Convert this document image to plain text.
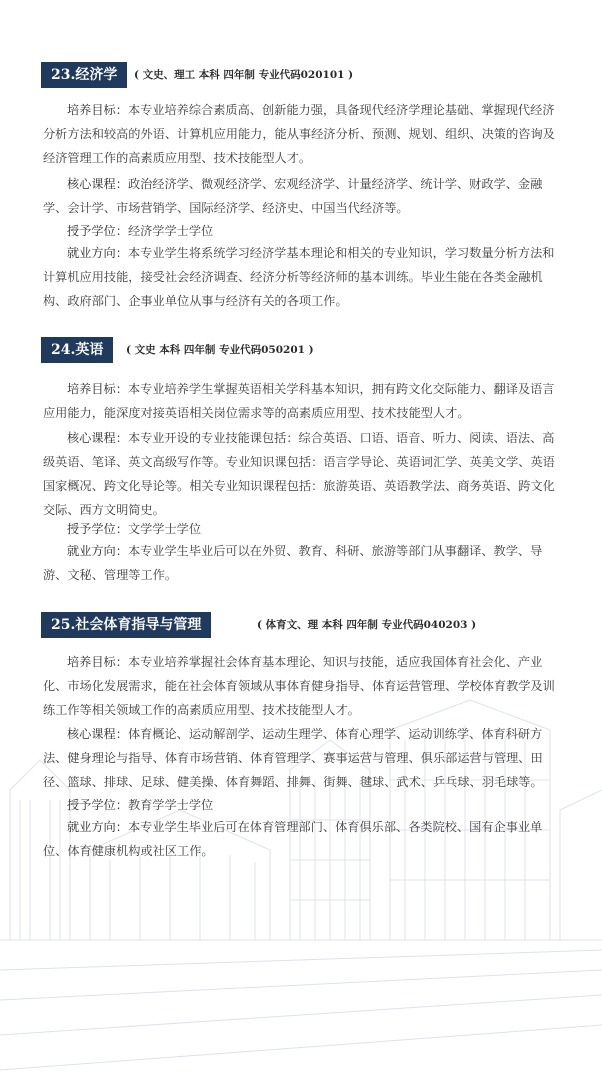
23.经济学	( 文史、理工 本科 四年制 专业代码020101 )
培养目标：本专业培养综合素质高、创新能力强，具备现代经济学理论基础、掌握现代经济
分析方法和较高的外语、计算机应用能力，能从事经济分析、预测、规划、组织、决策的咨询及
经济管理工作的高素质应用型、技术技能型人才。
核心课程：政治经济学、微观经济学、宏观经济学、计量经济学、统计学、财政学、金融
学、会计学、市场营销学、国际经济学、经济史、中国当代经济等。
授予学位：经济学学士学位
就业方向：本专业学生将系统学习经济学基本理论和相关的专业知识，学习数量分析方法和
计算机应用技能，接受社会经济调查、经济分析等经济师的基本训练。毕业生能在各类金融机
构、政府部门、企事业单位从事与经济有关的各项工作。
24.英语	( 文史 本科 四年制 专业代码050201 )
培养目标：本专业培养学生掌握英语相关学科基本知识，拥有跨文化交际能力、翻译及语言
应用能力，能深度对接英语相关岗位需求等的高素质应用型、技术技能型人才。
核心课程：本专业开设的专业技能课包括：综合英语、口语、语音、听力、阅读、语法、高
级英语、笔译、英文高级写作等。专业知识课包括：语言学导论、英语词汇学、英美文学、英语
国家概况、跨文化导论等。相关专业知识课程包括：旅游英语、英语教学法、商务英语、跨文化
交际、西方文明简史。
授予学位：文学学士学位
就业方向：本专业学生毕业后可以在外贸、教育、科研、旅游等部门从事翻译、教学、导
游、文秘、管理等工作。
25.社会体育指导与管理	( 体育文、理 本科 四年制 专业代码040203 )
培养目标：本专业培养掌握社会体育基本理论、知识与技能，适应我国体育社会化、产业
化、市场化发展需求，能在社会体育领域从事体育健身指导、体育运营管理、学校体育教学及训
练工作等相关领域工作的高素质应用型、技术技能型人才。
核心课程：体育概论、运动解剖学、运动生理学、体育心理学、运动训练学、体育科研方
法、健身理论与指导、体育市场营销、体育管理学、赛事运营与管理、俱乐部运营与管理、田
径、篮球、排球、足球、健美操、体育舞蹈、排舞、街舞、毽球、武术、乒乓球、羽毛球等。
授予学位：教育学学士学位
就业方向：本专业学生毕业后可在体育管理部门、体育俱乐部、各类院校、国有企事业单
位、体育健康机构或社区工作。
